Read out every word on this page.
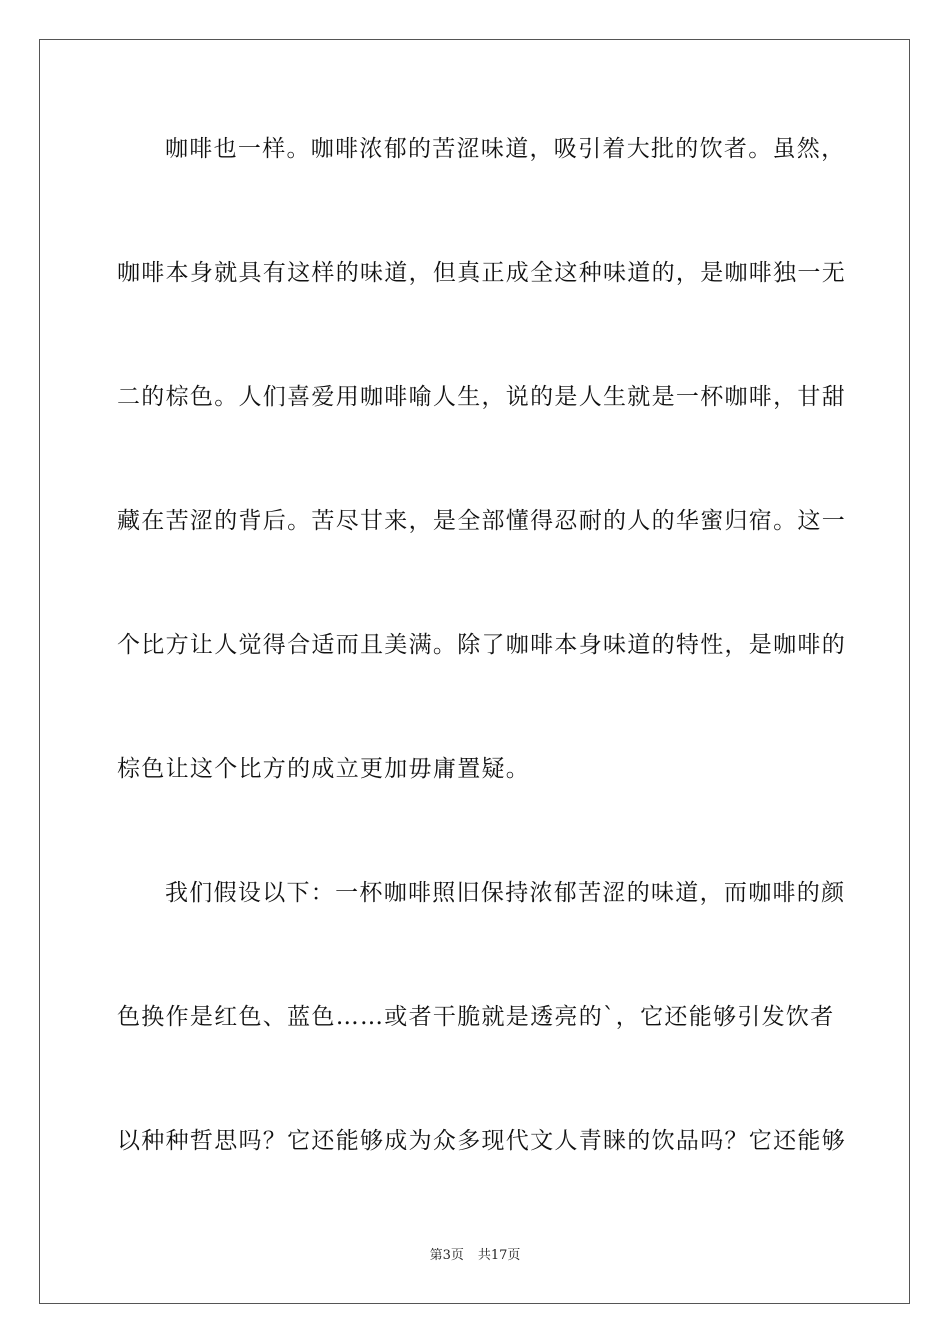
咖啡也一样。咖啡浓郁的苦涩味道，吸引着大批的饮者。虽然，
咖啡本身就具有这样的味道，但真正成全这种味道的，是咖啡独一无
二的棕色。人们喜爱用咖啡喻人生，说的是人生就是一杯咖啡，甘甜
藏在苦涩的背后。苦尽甘来，是全部懂得忍耐的人的华蜜归宿。这一
个比方让人觉得合适而且美满。除了咖啡本身味道的特性，是咖啡的
棕色让这个比方的成立更加毋庸置疑。
我们假设以下：一杯咖啡照旧保持浓郁苦涩的味道，而咖啡的颜
色换作是红色、蓝色……或者干脆就是透亮的`，它还能够引发饮者
以种种哲思吗？它还能够成为众多现代文人青睐的饮品吗？它还能够
第3页 共17页
